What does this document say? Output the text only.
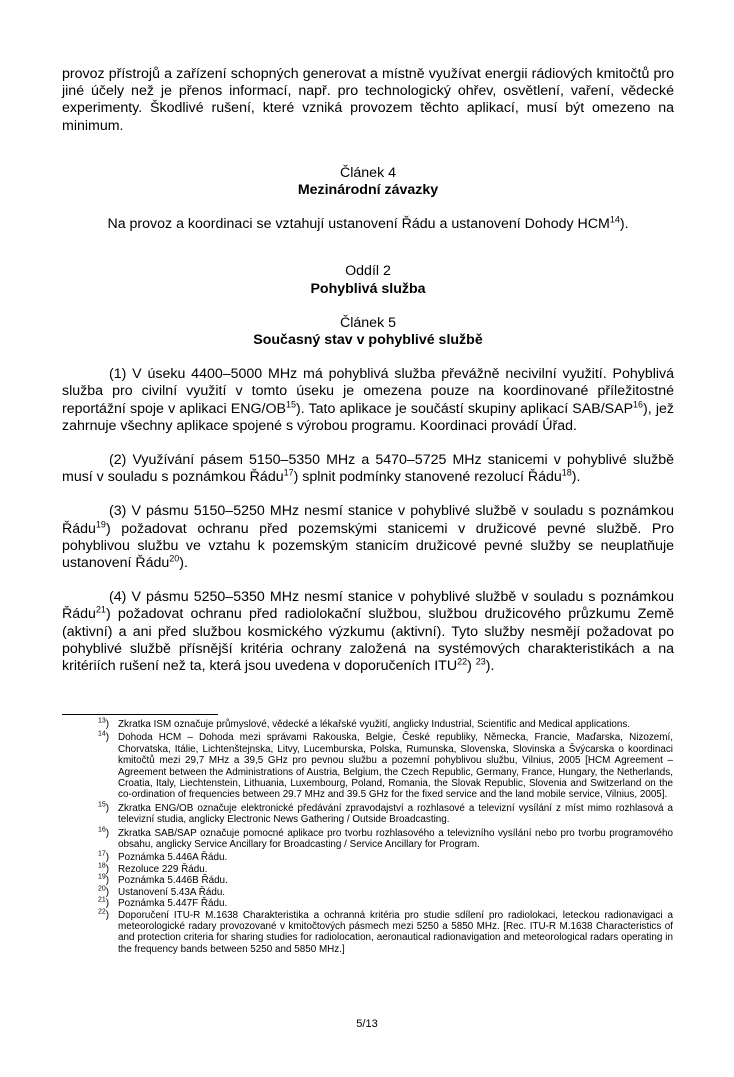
provoz přístrojů a zařízení schopných generovat a místně využívat energii rádiových kmitočtů pro jiné účely než je přenos informací, např. pro technologický ohřev, osvětlení, vaření, vědecké experimenty. Škodlivé rušení, které vzniká provozem těchto aplikací, musí být omezeno na minimum.

Článek 4

Mezinárodní závazky

Na provoz a koordinaci se vztahují ustanovení Řádu a ustanovení Dohody HCM$^{14}$).

Oddíl 2

Pohyblivá služba

Článek 5

Současný stav v pohyblivé službě

(1) V úseku 4400–5000 MHz má pohyblivá služba převážně necivilní využití. Pohyblivá služba pro civilní využití v tomto úseku je omezena pouze na koordinované příležitostné reportážní spoje v aplikaci ENG/OB$^{15}$). Tato aplikace je součástí skupiny aplikací SAB/SAP$^{16}$), jež zahrnuje všechny aplikace spojené s výrobou programu. Koordinaci provádí Úřad.

(2) Využívání pásem 5150–5350 MHz a 5470–5725 MHz stanicemi v pohyblivé službě musí v souladu s poznámkou Řádu$^{17}$) splnit podmínky stanovené rezolucí Řádu$^{18}$).

(3) V pásmu 5150–5250 MHz nesmí stanice v pohyblivé službě v souladu s poznámkou Řádu$^{19}$) požadovat ochranu před pozemskými stanicemi v družicové pevné službě. Pro pohyblivou službu ve vztahu k pozemským stanicím družicové pevné služby se neuplatňuje ustanovení Řádu$^{20}$).

(4) V pásmu 5250–5350 MHz nesmí stanice v pohyblivé službě v souladu s poznámkou Řádu$^{21}$) požadovat ochranu před radiolokační službou, službou družicového průzkumu Země (aktivní) a ani před službou kosmického výzkumu (aktivní). Tyto služby nesmějí požadovat po pohyblivé službě přísnější kritéria ochrany založená na systémových charakteristikách a na kritériích rušení než ta, která jsou uvedena v doporučeních ITU$^{22}$) $^{23}$).

$^{13}$) Zkratka ISM označuje průmyslové, vědecké a lékařské využití, anglicky Industrial, Scientific and Medical applications.
$^{14}$) Dohoda HCM – Dohoda mezi správami Rakouska, Belgie, České republiky, Německa, Francie, Maďarska, Nizozemí, Chorvatska, Itálie, Lichtenštejnska, Litvy, Lucemburska, Polska, Rumunska, Slovenska, Slovinska a Švýcarska o koordinaci kmitočtů mezi 29,7 MHz a 39,5 GHz pro pevnou službu a pozemní pohyblivou službu, Vilnius, 2005 [HCM Agreement – Agreement between the Administrations of Austria, Belgium, the Czech Republic, Germany, France, Hungary, the Netherlands, Croatia, Italy, Liechtenstein, Lithuania, Luxembourg, Poland, Romania, the Slovak Republic, Slovenia and Switzerland on the co-ordination of frequencies between 29.7 MHz and 39.5 GHz for the fixed service and the land mobile service, Vilnius, 2005].
$^{15}$) Zkratka ENG/OB označuje elektronické předávání zpravodajství a rozhlasové a televizní vysílání z míst mimo rozhlasová a televizní studia, anglicky Electronic News Gathering / Outside Broadcasting.
$^{16}$) Zkratka SAB/SAP označuje pomocné aplikace pro tvorbu rozhlasového a televizního vysílání nebo pro tvorbu programového obsahu, anglicky Service Ancillary for Broadcasting / Service Ancillary for Program.
$^{17}$) Poznámka 5.446A Řádu.
$^{18}$) Rezoluce 229 Řádu.
$^{19}$) Poznámka 5.446B Řádu.
$^{20}$) Ustanovení 5.43A Řádu.
$^{21}$) Poznámka 5.447F Řádu.
$^{22}$) Doporučení ITU-R M.1638 Charakteristika a ochranná kritéria pro studie sdílení pro radiolokaci, leteckou radionavigaci a meteorologické radary provozované v kmitočtových pásmech mezi 5250 a 5850 MHz. [Rec. ITU-R M.1638 Characteristics of and protection criteria for sharing studies for radiolocation, aeronautical radionavigation and meteorological radars operating in the frequency bands between 5250 and 5850 MHz.]
5/13
